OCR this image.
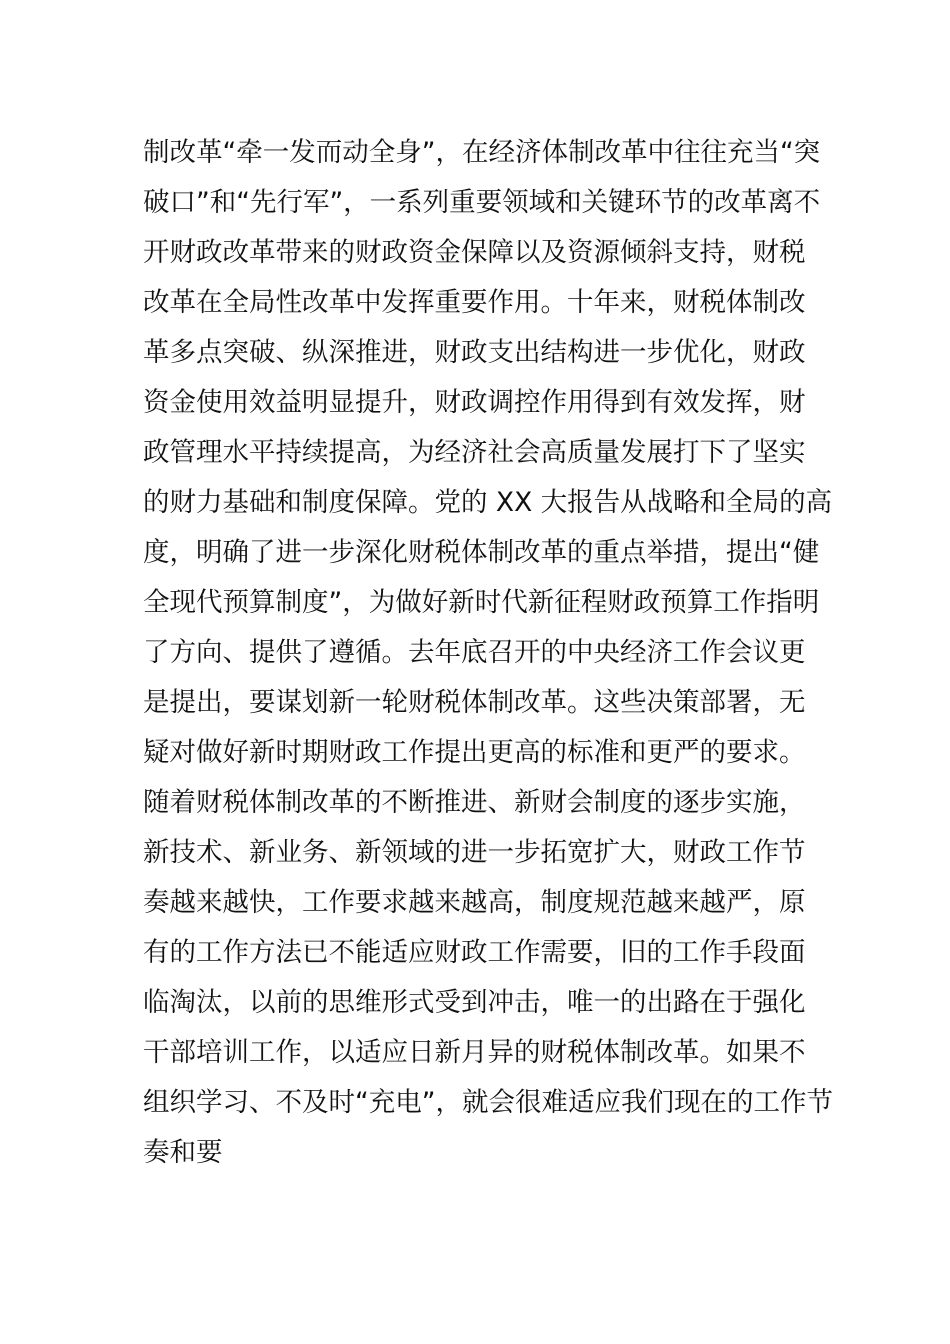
制改革“牵一发而动全身”，在经济体制改革中往往充当“突
破口”和“先行军”，一系列重要领域和关键环节的改革离不
开财政改革带来的财政资金保障以及资源倾斜支持，财税
改革在全局性改革中发挥重要作用。十年来，财税体制改
革多点突破、纵深推进，财政支出结构进一步优化，财政
资金使用效益明显提升，财政调控作用得到有效发挥，财
政管理水平持续提高，为经济社会高质量发展打下了坚实
的财力基础和制度保障。党的 XX 大报告从战略和全局的高
度，明确了进一步深化财税体制改革的重点举措，提出“健
全现代预算制度”，为做好新时代新征程财政预算工作指明
了方向、提供了遵循。去年底召开的中央经济工作会议更
是提出，要谋划新一轮财税体制改革。这些决策部署，无
疑对做好新时期财政工作提出更高的标准和更严的要求。
随着财税体制改革的不断推进、新财会制度的逐步实施，
新技术、新业务、新领域的进一步拓宽扩大，财政工作节
奏越来越快，工作要求越来越高，制度规范越来越严，原
有的工作方法已不能适应财政工作需要，旧的工作手段面
临淘汰，以前的思维形式受到冲击，唯一的出路在于强化
干部培训工作，以适应日新月异的财税体制改革。如果不
组织学习、不及时“充电”，就会很难适应我们现在的工作节
奏和要
